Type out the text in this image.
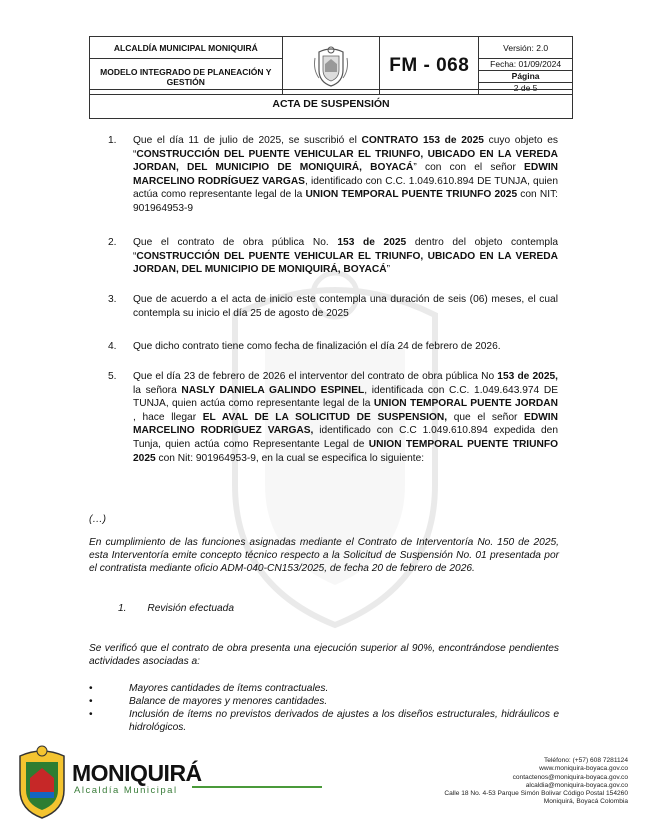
ALCALDÍA MUNICIPAL MONIQUIRÁ		FM - 068	Versión: 2.0
MODELO INTEGRADO DE PLANEACIÓN Y GESTIÓN			Fecha: 01/09/2024
Página
2 de 5
ACTA DE SUSPENSIÓN
1.	Que el día 11 de julio de 2025, se suscribió el CONTRATO 153 de 2025 cuyo objeto es “CONSTRUCCIÓN DEL PUENTE VEHICULAR EL TRIUNFO, UBICADO EN LA VEREDA JORDAN, DEL MUNICIPIO DE MONIQUIRÁ, BOYACÁ” con con el señor EDWIN MARCELINO RODRÍGUEZ VARGAS, identificado con C.C. 1.049.610.894 DE TUNJA, quien actúa como representante legal de la UNION TEMPORAL PUENTE TRIUNFO 2025 con NIT: 901964953-9
2.	Que el contrato de obra pública No. 153 de 2025 dentro del objeto contempla “CONSTRUCCIÓN DEL PUENTE VEHICULAR EL TRIUNFO, UBICADO EN LA VEREDA JORDAN, DEL MUNICIPIO DE MONIQUIRÁ, BOYACÁ”
3.	Que de acuerdo a el acta de inicio este contempla una duración de seis (06) meses, el cual contempla su inicio el día 25 de agosto de 2025
4.	Que dicho contrato tiene como fecha de finalización el día 24 de febrero de 2026.
5.	Que el día 23 de febrero de 2026 el interventor del contrato de obra pública No 153 de 2025, la señora NASLY DANIELA GALINDO ESPINEL, identificada con C.C. 1.049.643.974 DE TUNJA, quien actúa como representante legal de la UNION TEMPORAL PUENTE JORDAN , hace llegar EL AVAL DE LA SOLICITUD DE SUSPENSION, que el señor EDWIN MARCELINO RODRIGUEZ VARGAS, identificado con C.C 1.049.610.894 expedida den Tunja, quien actúa como Representante Legal de UNION TEMPORAL PUENTE TRIUNFO 2025 con Nit: 901964953-9, en la cual se especifica lo siguiente:
(…)
En cumplimiento de las funciones asignadas mediante el Contrato de Interventoría No. 150 de 2025, esta Interventoría emite concepto técnico respecto a la Solicitud de Suspensión No. 01 presentada por el contratista mediante oficio ADM-040-CN153/2025, de fecha 20 de febrero de 2026.
1. Revisión efectuada
Se verificó que el contrato de obra presenta una ejecución superior al 90%, encontrándose pendientes actividades asociadas a:
•	Mayores cantidades de ítems contractuales.
•	Balance de mayores y menores cantidades.
•	Inclusión de ítems no previstos derivados de ajustes a los diseños estructurales, hidráulicos e hidrológicos.
MONIQUIRÁ
Alcaldía Municipal
Teléfono: (+57) 608 7281124
www.moniquira-boyaca.gov.co
contactenos@moniquira-boyaca.gov.co
alcaldia@moniquira-boyaca.gov.co
Calle 18 No. 4-53 Parque Simón Bolivar Código Postal 154260
Moniquirá, Boyacá Colombia
